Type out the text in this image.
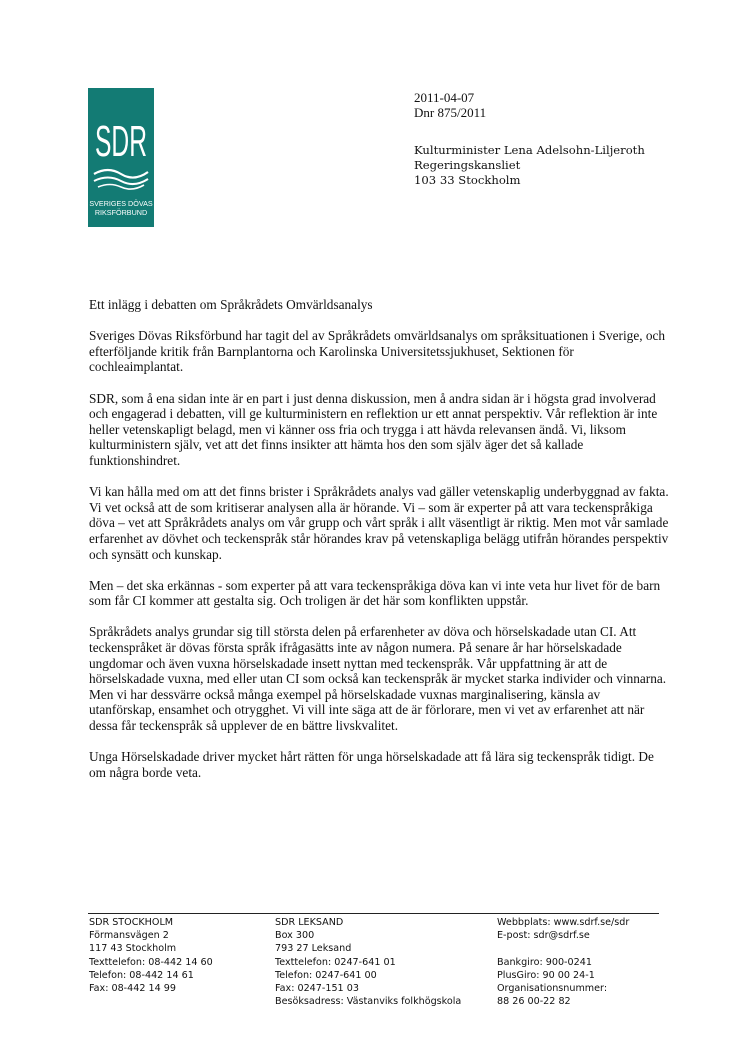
SDR
SVERIGES DÖVAS
RIKSFÖRBUND
2011-04-07
Dnr 875/2011
Kulturminister Lena Adelsohn-Liljeroth
Regeringskansliet
103 33 Stockholm

Ett inlägg i debatten om Språkrådets Omvärldsanalys

Sveriges Dövas Riksförbund har tagit del av Språkrådets omvärldsanalys om språksituationen i Sverige, och efterföljande kritik från Barnplantorna och Karolinska Universitetssjukhuset, Sektionen för cochleaimplantat.

SDR, som å ena sidan inte är en part i just denna diskussion, men å andra sidan är i högsta grad involverad och engagerad i debatten, vill ge kulturministern en reflektion ur ett annat perspektiv. Vår reflektion är inte heller vetenskapligt belagd, men vi känner oss fria och trygga i att hävda relevansen ändå. Vi, liksom kulturministern själv, vet att det finns insikter att hämta hos den som själv äger det så kallade funktionshindret.

Vi kan hålla med om att det finns brister i Språkrådets analys vad gäller vetenskaplig underbyggnad av fakta. Vi vet också att de som kritiserar analysen alla är hörande. Vi – som är experter på att vara teckenspråkiga döva – vet att Språkrådets analys om vår grupp och vårt språk i allt väsentligt är riktig. Men mot vår samlade erfarenhet av dövhet och teckenspråk står hörandes krav på vetenskapliga belägg utifrån hörandes perspektiv och synsätt och kunskap.

Men – det ska erkännas - som experter på att vara teckenspråkiga döva kan vi inte veta hur livet för de barn som får CI kommer att gestalta sig. Och troligen är det här som konflikten uppstår.

Språkrådets analys grundar sig till största delen på erfarenheter av döva och hörselskadade utan CI. Att teckenspråket är dövas första språk ifrågasätts inte av någon numera. På senare år har hörselskadade ungdomar och även vuxna hörselskadade insett nyttan med teckenspråk. Vår uppfattning är att de hörselskadade vuxna, med eller utan CI som också kan teckenspråk är mycket starka individer och vinnarna. Men vi har dessvärre också många exempel på hörselskadade vuxnas marginalisering, känsla av utanförskap, ensamhet och otrygghet. Vi vill inte säga att de är förlorare, men vi vet av erfarenhet att när dessa får teckenspråk så upplever de en bättre livskvalitet.

Unga Hörselskadade driver mycket hårt rätten för unga hörselskadade att få lära sig teckenspråk tidigt. De om några borde veta.

SDR STOCKHOLM
Förmansvägen 2
117 43 Stockholm
Texttelefon: 08-442 14 60
Telefon: 08-442 14 61
Fax: 08-442 14 99
SDR LEKSAND
Box 300
793 27 Leksand
Texttelefon: 0247-641 01
Telefon: 0247-641 00
Fax: 0247-151 03
Besöksadress: Västanviks folkhögskola
Webbplats: www.sdrf.se/sdr
E-post: sdr@sdrf.se
Bankgiro: 900-0241
PlusGiro: 90 00 24-1
Organisationsnummer:
88 26 00-22 82
